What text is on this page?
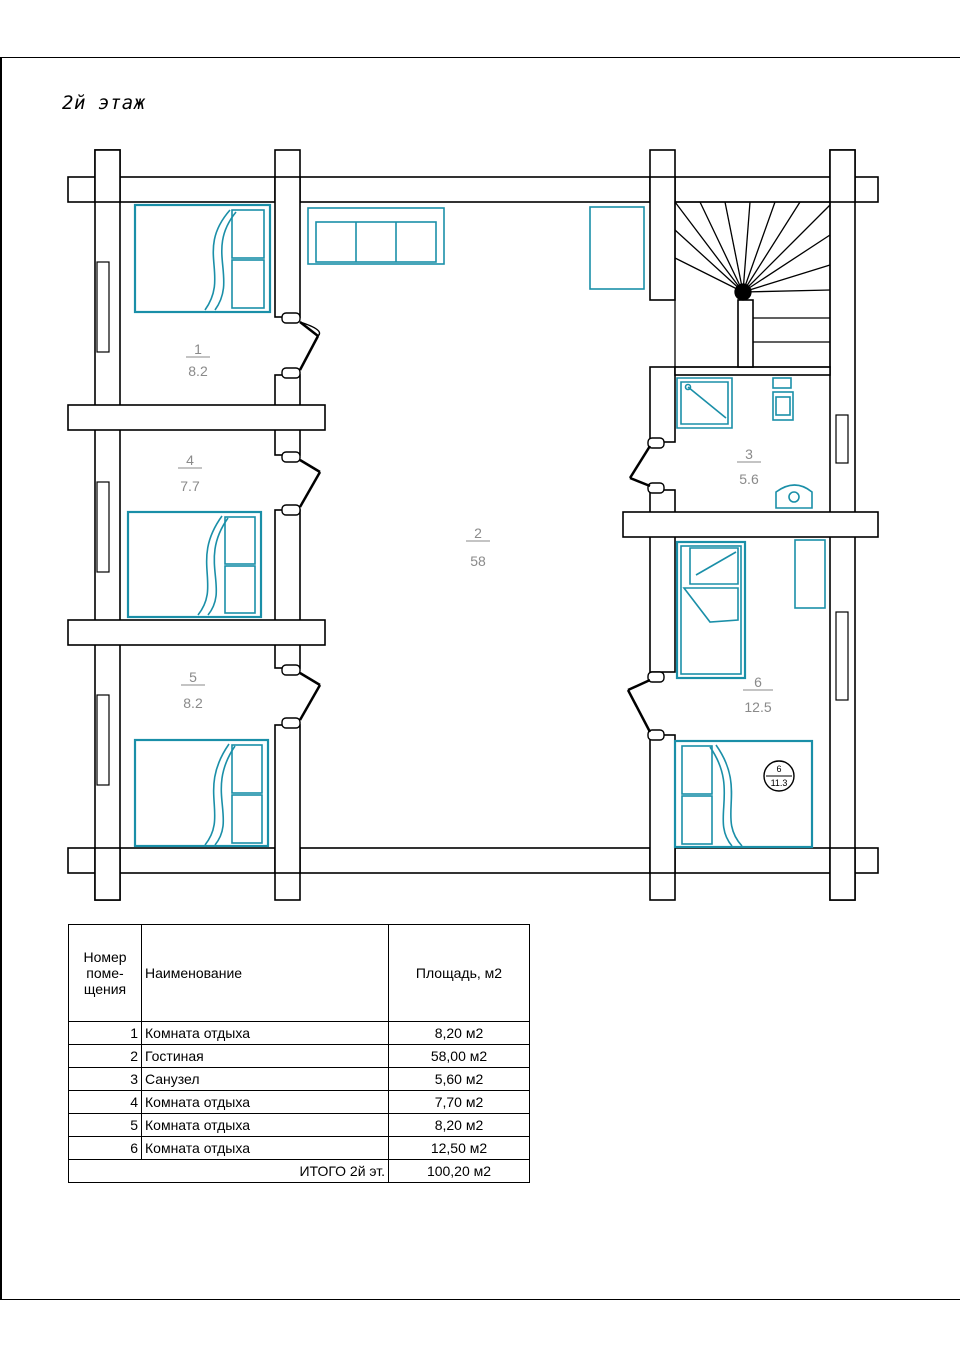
2й этаж
6
11.3
1
8.2
2
58
3
5.6
4
7.7
5
8.2
6
12.5
Номер
поме-
щения	Наименование	Площадь, м2
1	Комната отдыха	8,20 м2
2	Гостиная	58,00 м2
3	Санузел	5,60 м2
4	Комната отдыха	7,70 м2
5	Комната отдыха	8,20 м2
6	Комната отдыха	12,50 м2
ИТОГО 2й эт.		100,20 м2
